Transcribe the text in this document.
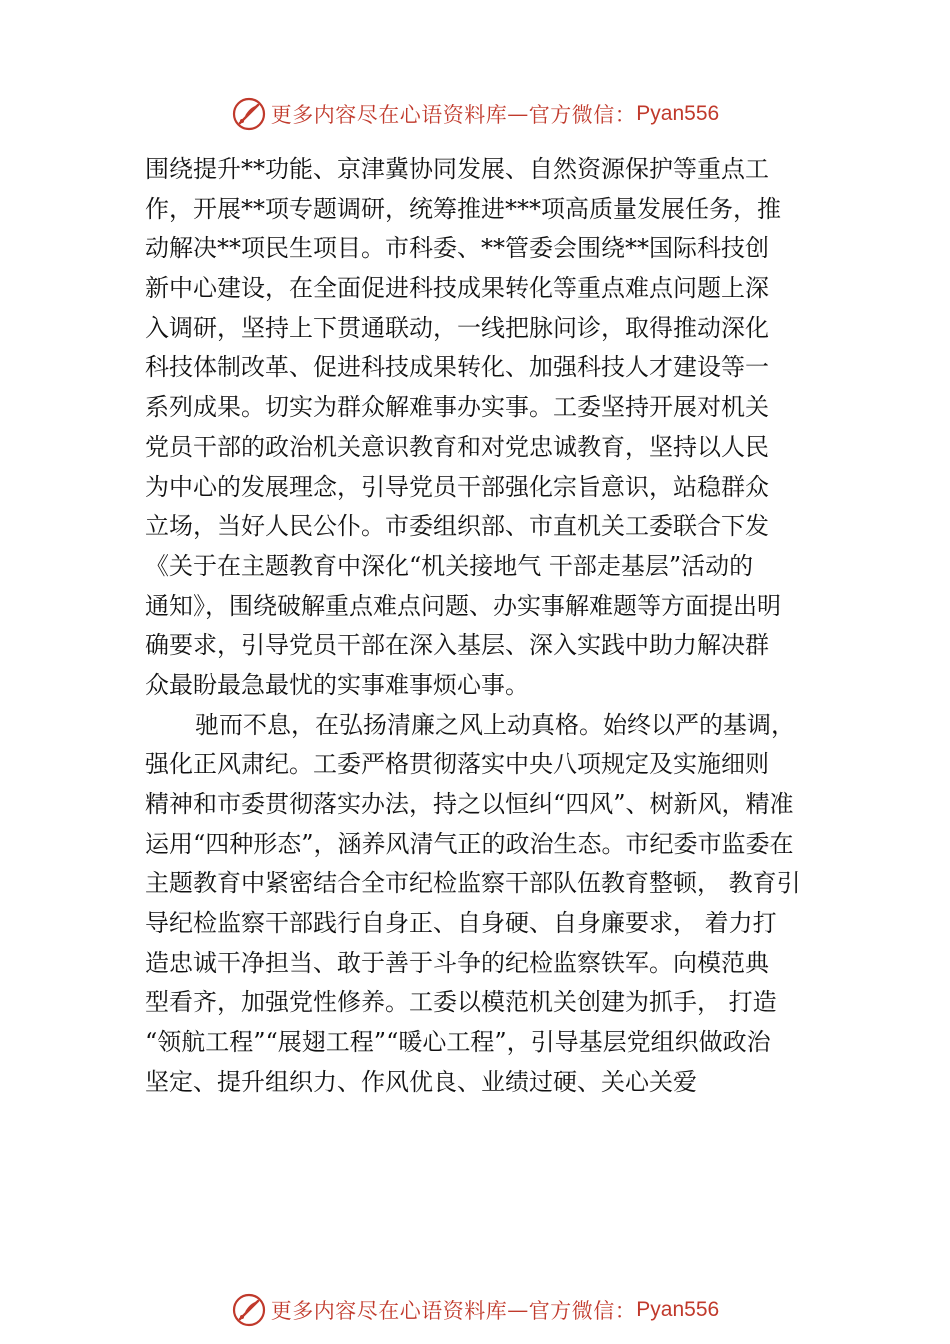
更多内容尽在心语资料库 — 官方微信： Pyan556
围绕提升**功能、京津冀协同发展、自然资源保护等重点工
作，开展**项专题调研，统筹推进***项高质量发展任务，推
动解决**项民生项目。市科委、**管委会围绕**国际科技创
新中心建设，在全面促进科技成果转化等重点难点问题上深
入调研，坚持上下贯通联动，一线把脉问诊，取得推动深化
科技体制改革、促进科技成果转化、加强科技人才建设等一
系列成果。切实为群众解难事办实事。工委坚持开展对机关
党员干部的政治机关意识教育和对党忠诚教育，坚持以人民
为中心的发展理念，引导党员干部强化宗旨意识，站稳群众
立场，当好人民公仆。市委组织部、市直机关工委联合下发
《关于在主题教育中深化“机关接地气 干部走基层”活动的
通知》，围绕破解重点难点问题、办实事解难题等方面提出明
确要求，引导党员干部在深入基层、深入实践中助力解决群
众最盼最急最忧的实事难事烦心事。
驰而不息，在弘扬清廉之风上动真格。始终以严的基调，
强化正风肃纪。工委严格贯彻落实中央八项规定及实施细则
精神和市委贯彻落实办法，持之以恒纠“四风”、树新风，精准
运用“四种形态”，涵养风清气正的政治生态。市纪委市监委在
主题教育中紧密结合全市纪检监察干部队伍教育整顿， 教育引
导纪检监察干部践行自身正、自身硬、自身廉要求， 着力打
造忠诚干净担当、敢于善于斗争的纪检监察铁军。向模范典
型看齐，加强党性修养。工委以模范机关创建为抓手， 打造
“领航工程”“展翅工程”“暖心工程”，引导基层党组织做政治
坚定、提升组织力、作风优良、业绩过硬、关心关爱
更多内容尽在心语资料库 — 官方微信： Pyan556
